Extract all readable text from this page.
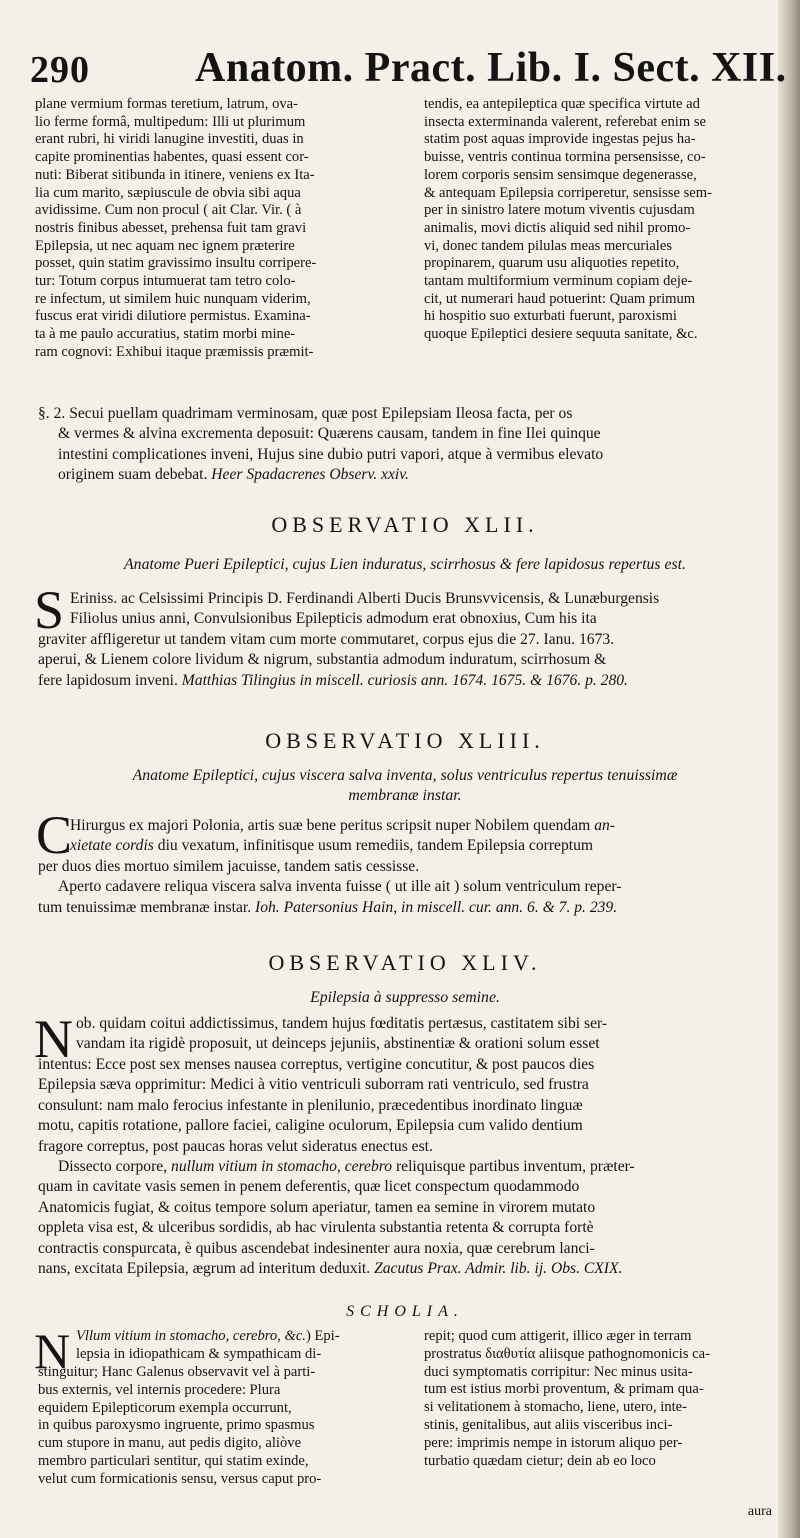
290	Anatom. Pract. Lib. I. Sect. XII.
plane vermium formas teretium, latrum, ova-
lio ferme formâ, multipedum: Illi ut plurimum
erant rubri, hi viridi lanugine investiti, duas in
capite prominentias habentes, quasi essent cor-
nuti: Biberat sitibunda in itinere, veniens ex Ita-
lia cum marito, sæpiuscule de obvia sibi aqua
avidissime. Cum non procul ( ait Clar. Vir. ( à
nostris finibus abesset, prehensa fuit tam gravi
Epilepsia, ut nec aquam nec ignem præterire
posset, quin statim gravissimo insultu corripere-
tur: Totum corpus intumuerat tam tetro colo-
re infectum, ut similem huic nunquam viderim,
fuscus erat viridi dilutiore permistus. Examina-
ta à me paulo accuratius, statim morbi mine-
ram cognovi: Exhibui itaque præmissis præmit-
tendis, ea antepileptica quæ specifica virtute ad
insecta exterminanda valerent, referebat enim se
statim post aquas improvide ingestas pejus ha-
buisse, ventris continua tormina persensisse, co-
lorem corporis sensim sensimque degenerasse,
& antequam Epilepsia corriperetur, sensisse sem-
per in sinistro latere motum viventis cujusdam
animalis, movi dictis aliquid sed nihil promo-
vi, donec tandem pilulas meas mercuriales
propinarem, quarum usu aliquoties repetito,
tantam multiformium verminum copiam deje-
cit, ut numerari haud potuerint: Quam primum
hi hospitio suo exturbati fuerunt, paroxismi
quoque Epileptici desiere sequuta sanitate, &c.
§. 2. Secui puellam quadrimam verminosam, quæ post Epilepsiam Ileosa facta, per os
& vermes & alvina excrementa deposuit: Quærens causam, tandem in fine Ilei quinque
intestini complicationes inveni, Hujus sine dubio putri vapori, atque à vermibus elevato
originem suam debebat. Heer Spadacrenes Observ. xxiv.
OBSERVATIO XLII.
Anatome Pueri Epileptici, cujus Lien induratus, scirrhosus & fere lapidosus repertus est.
S Eriniss. ac Celsissimi Principis D. Ferdinandi Alberti Ducis Brunsvvicensis, & Lunæburgensis
Filiolus unius anni, Convulsionibus Epilepticis admodum erat obnoxius, Cum his ita
graviter affligeretur ut tandem vitam cum morte commutaret, corpus ejus die 27. Ianu. 1673.
aperui, & Lienem colore lividum & nigrum, substantia admodum induratum, scirrhosum &
fere lapidosum inveni. Matthias Tilingius in miscell. curiosis ann. 1674. 1675. & 1676. p. 280.
OBSERVATIO XLIII.
Anatome Epileptici, cujus viscera salva inventa, solus ventriculus repertus tenuissimæ
membranæ instar.
C
Hirurgus ex majori Polonia, artis suæ bene peritus scripsit nuper Nobilem quendam an-
xietate cordis diu vexatum, infinitisque usum remediis, tandem Epilepsia correptum
per duos dies mortuo similem jacuisse, tandem satis cessisse.
Aperto cadavere reliqua viscera salva inventa fuisse ( ut ille ait ) solum ventriculum reper-
tum tenuissimæ membranæ instar. Ioh. Patersonius Hain, in miscell. cur. ann. 6. & 7. p. 239.
OBSERVATIO XLIV.
Epilepsia à suppresso semine.
N ob. quidam coitui addictissimus, tandem hujus fœditatis pertæsus, castitatem sibi ser-
vandam ita rigidè proposuit, ut deinceps jejuniis, abstinentiæ & orationi solum esset
intentus: Ecce post sex menses nausea correptus, vertigine concutitur, & post paucos dies
Epilepsia sæva opprimitur: Medici à vitio ventriculi suborram rati ventriculo, sed frustra
consulunt: nam malo ferocius infestante in plenilunio, præcedentibus inordinato linguæ
motu, capitis rotatione, pallore faciei, caligine oculorum, Epilepsia cum valido dentium
fragore correptus, post paucas horas velut sideratus enectus est.
Dissecto corpore, nullum vitium in stomacho, cerebro reliquisque partibus inventum, præter-
quam in cavitate vasis semen in penem deferentis, quæ licet conspectum quodammodo
Anatomicis fugiat, & coitus tempore solum aperiatur, tamen ea semine in virorem mutato
oppleta visa est, & ulceribus sordidis, ab hac virulenta substantia retenta & corrupta fortè
contractis conspurcata, è quibus ascendebat indesinenter aura noxia, quæ cerebrum lanci-
nans, excitata Epilepsia, ægrum ad interitum deduxit. Zacutus Prax. Admir. lib. ij. Obs. CXIX.
SCHOLIA.
N Vllum vitium in stomacho, cerebro, &c.) Epi-
lepsia in idiopathicam & sympathicam di-
stinguitur; Hanc Galenus observavit vel à parti-
bus externis, vel internis procedere: Plura
equidem Epilepticorum exempla occurrunt,
in quibus paroxysmo ingruente, primo spasmus
cum stupore in manu, aut pedis digito, aliòve
membro particulari sentitur, qui statim exinde,
velut cum formicationis sensu, versus caput pro-
repit; quod cum attigerit, illico æger in terram
prostratus διαθυτία aliisque pathognomonicis ca-
duci symptomatis corripitur: Nec minus usita-
tum est istius morbi proventum, & primam qua-
si velitationem à stomacho, liene, utero, inte-
stinis, genitalibus, aut aliis visceribus inci-
pere: imprimis nempe in istorum aliquo per-
turbatio quædam cietur; dein ab eo loco
aura
